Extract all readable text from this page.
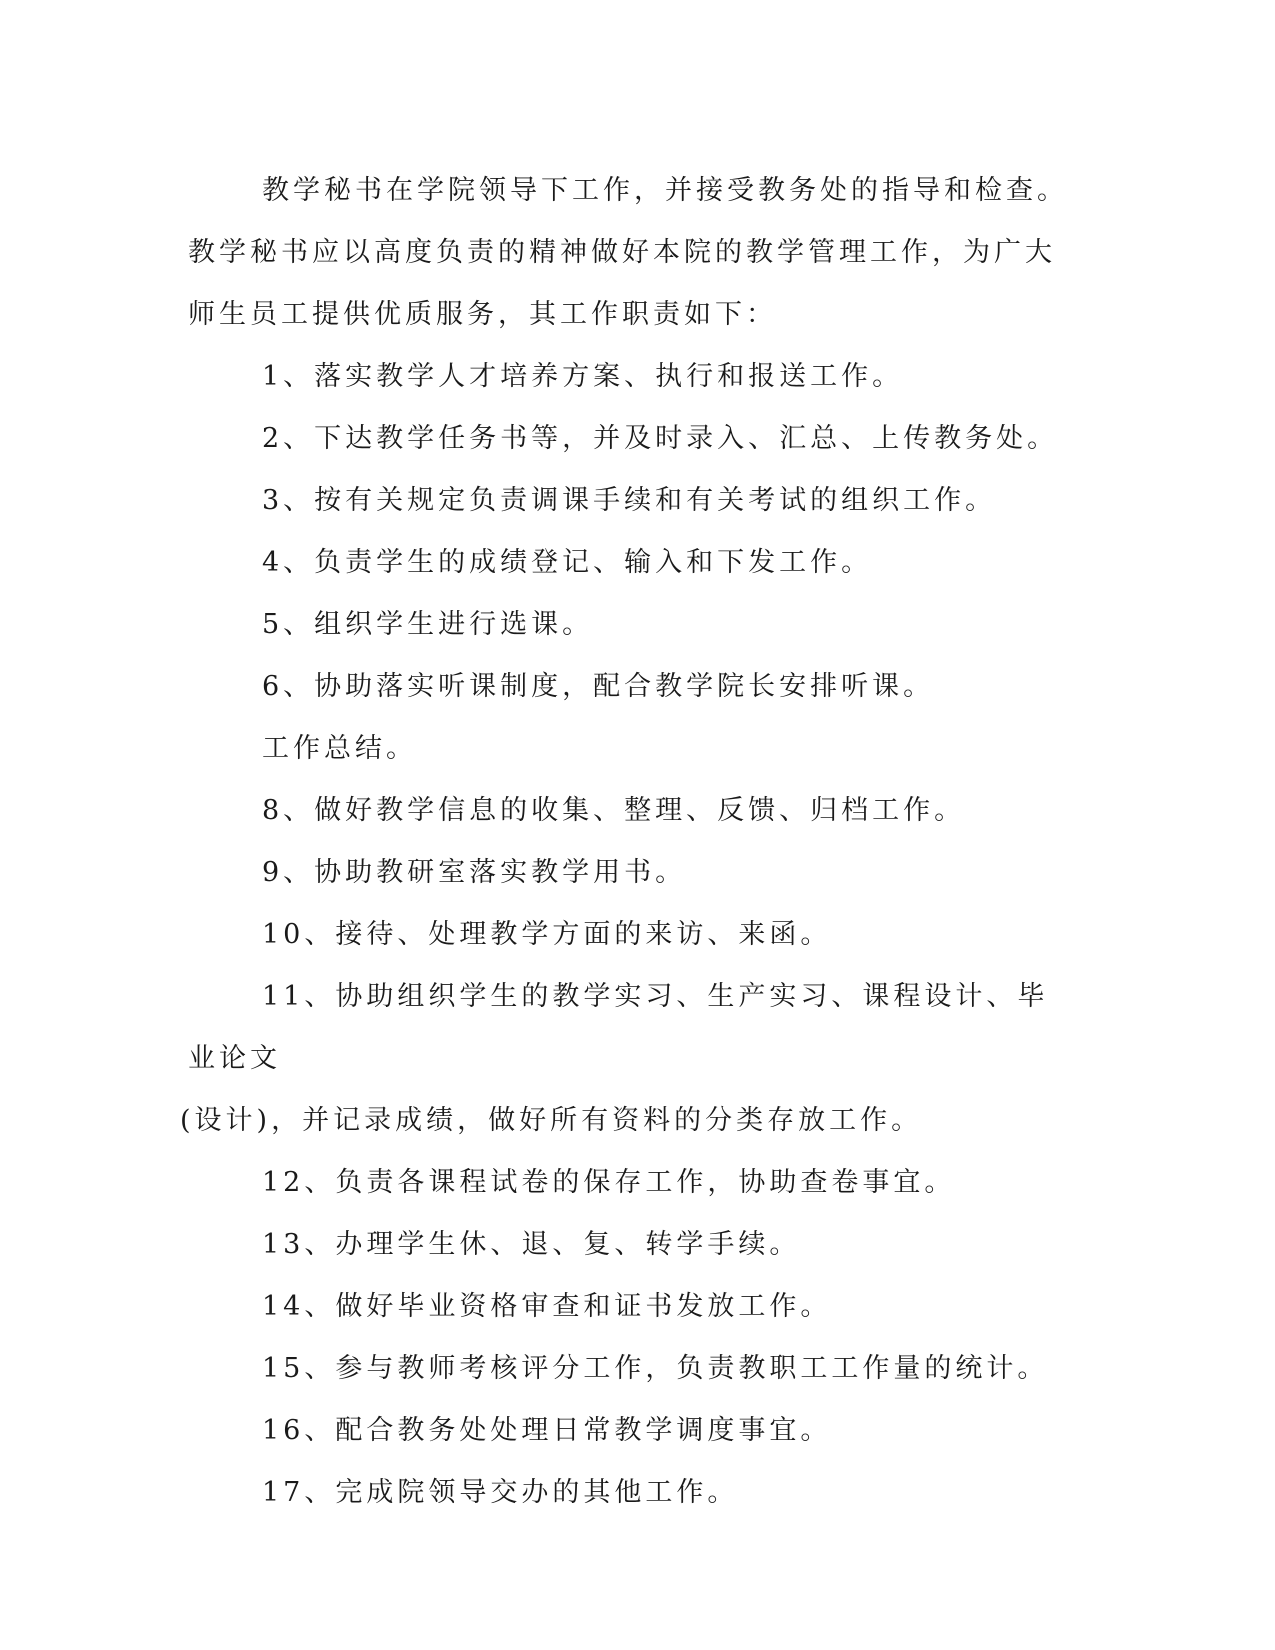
教学秘书在学院领导下工作，并接受教务处的指导和检查。教学秘书应以高度负责的精神做好本院的教学管理工作，为广大师生员工提供优质服务，其工作职责如下：

1、落实教学人才培养方案、执行和报送工作。

2、下达教学任务书等，并及时录入、汇总、上传教务处。

3、按有关规定负责调课手续和有关考试的组织工作。

4、负责学生的成绩登记、输入和下发工作。

5、组织学生进行选课。

6、协助落实听课制度，配合教学院长安排听课。

工作总结。

8、做好教学信息的收集、整理、反馈、归档工作。

9、协助教研室落实教学用书。

10、接待、处理教学方面的来访、来函。

11、协助组织学生的教学实习、生产实习、课程设计、毕业论文
(设计)，并记录成绩，做好所有资料的分类存放工作。

12、负责各课程试卷的保存工作，协助查卷事宜。

13、办理学生休、退、复、转学手续。

14、做好毕业资格审查和证书发放工作。

15、参与教师考核评分工作，负责教职工工作量的统计。

16、配合教务处处理日常教学调度事宜。

17、完成院领导交办的其他工作。
